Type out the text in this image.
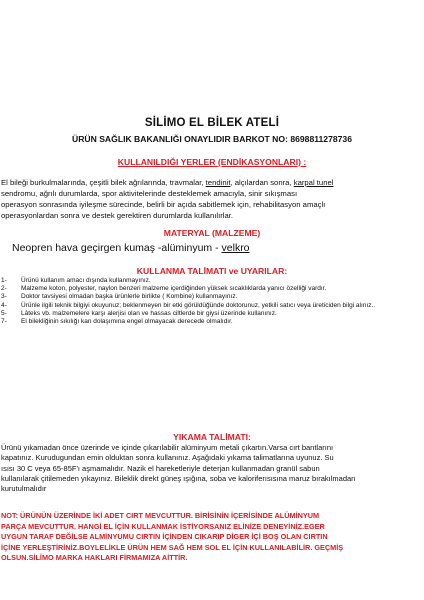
SİLİMO EL BİLEK ATELİ
ÜRÜN SAĞLIK BAKANLIĞI ONAYLIDIR BARKOT NO: 8698811278736
KULLANILDIĞI YERLER (ENDİKASYONLARI) :

El bileği burkulmalarında, çeşitli bilek ağrılarında, travmalar, tendinit, alçılardan sonra, karpal tunel

sendromu, ağrılı durumlarda, spor aktivitelerinde desteklemek amacıyla, sinir sıkışması

operasyon sonrasında iyileşme sürecinde, belirli bir açıda sabitlemek için, rehabilitasyon amaçlı

operasyonlardan sonra ve destek gerektiren durumlarda kullanılırlar.

MATERYAL (MALZEME)
Neopren hava geçirgen kumaş -alüminyum - velkro
KULLANMA TALİMATI ve UYARILAR:
1-	Ürünü kullanım amacı dışında kullanmayınız.
2-	Malzeme koton, polyester, naylon benzeri malzeme içerdiğinden yüksek sıcaklıklarda yanıcı özelliği vardır.
3-	Doktor tavsiyesi olmadan başka ürünlerle birlikte ( Kombine) kullanmayınız.
4-	Ürünle ilgili teknik bilgiyi okuyunuz; beklenmeyen bir etki görüldüğünde doktorunuz, yetkili satıcı veya üreticiden bilgi alınız..
5-	Lâteks vb. malzemelere karşı alerjisi olan ve hassas ciltlerde bir giysi üzerinde kullanınız.
7-	El bilekliğinin sıkılığı kan dolaşımına engel olmayacak derecede olmalıdır.
YIKAMA TALİMATI:

Ürünü yıkamadan önce üzerinde ve içinde çıkarılabilir alüminyum metali çıkartın.Varsa cırt bantlarını

kapatınız. Kurudugundan emin olduktan sonra kullanınız. Aşağıdaki yıkama talimatlarına uyunuz. Su

ısısı 30 C veya 65-85F'ı aşmamalıdır. Nazik el hareketleriyle deterjan kullanmadan granül sabun

kullanılarak çitilemeden yıkayınız. Bileklik direkt güneş ışığına, soba ve kaloriferısısına maruz bırakılmadan

kurutulmalıdır

NOT: ÜRÜNÜN ÜZERİNDE İKİ ADET CIRT MEVCUTTUR. BİRİSİNİN İÇERİSİNDE ALÜMİNYUM

PARÇA MEVCUTTUR. HANGİ EL İÇİN KULLANMAK İSTİYORSANIZ ELİNİZE DENEYİNİZ.EGER

UYGUN TARAF DEĞİLSE ALMİNYUMU CIRTIN İÇİNDEN CIKARIP DİGER İÇİ BOŞ OLAN CIRTIN

İÇİNE YERLEŞTİRİNİZ.BOYLELİKLE ÜRÜN HEM SAĞ HEM SOL EL İÇİN KULLANILABİLİR. GEÇMİŞ

OLSUN.SİLİMO MARKA HAKLARI FİRMAMIZA AİTTİR.
